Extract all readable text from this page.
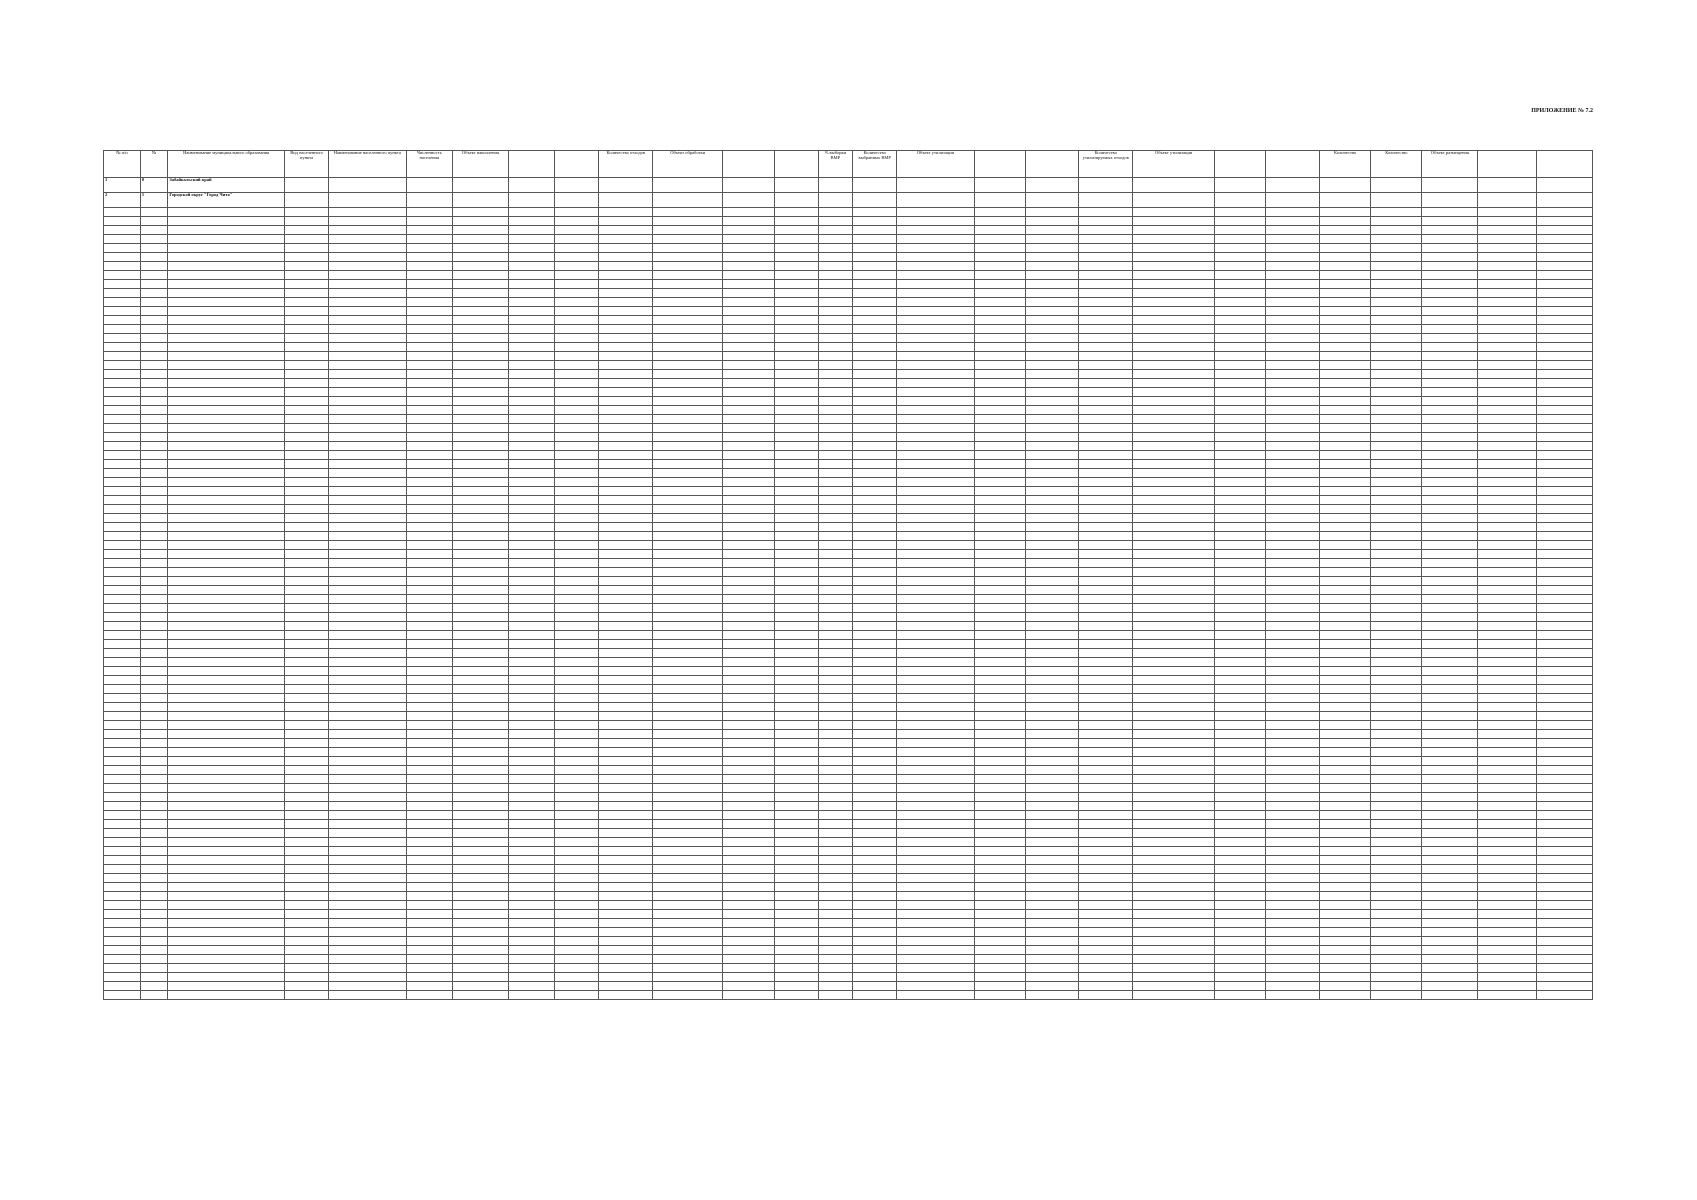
ПРИЛОЖЕНИЕ № 7.2
№ п/п	№	Наименование муниципального образования	Вид населенного пункта	Наименование населенного пункта	Численность населения	Объект накопления			Количество отходов	Объект обработки			% выборки ВМР	Количество выбранных ВМР	Объект утилизации			Количество утилизируемых отходов	Объект утилизации			Количество	Количество	Объект размещения		
1	0	Забайкальский край																								
2	1	Городской округ "Город Чита"																								
